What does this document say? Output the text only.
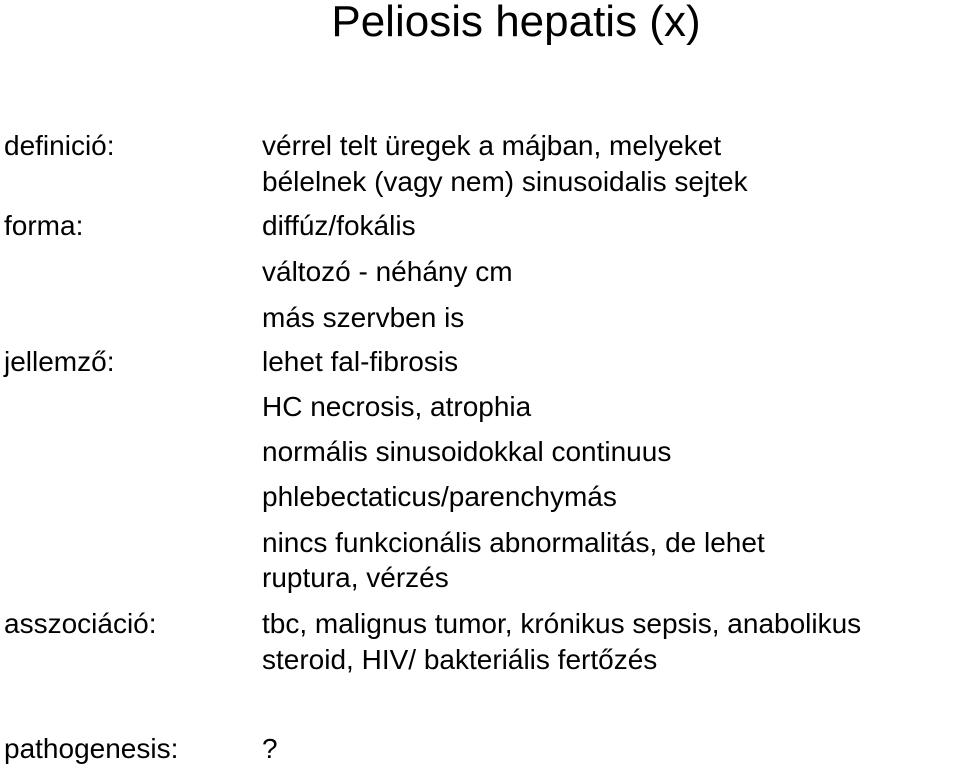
Peliosis hepatis (x)
definició:	vérrel telt üregek a májban, melyeket
bélelnek (vagy nem) sinusoidalis sejtek
forma:	diffúz/fokális
változó - néhány cm
más szervben is
jellemző:	lehet fal-fibrosis
HC necrosis, atrophia
normális sinusoidokkal continuus
phlebectaticus/parenchymás
nincs funkcionális abnormalitás, de lehet
ruptura, vérzés
asszociáció:	tbc, malignus tumor, krónikus sepsis, anabolikus
steroid, HIV/ bakteriális fertőzés
pathogenesis:	?
